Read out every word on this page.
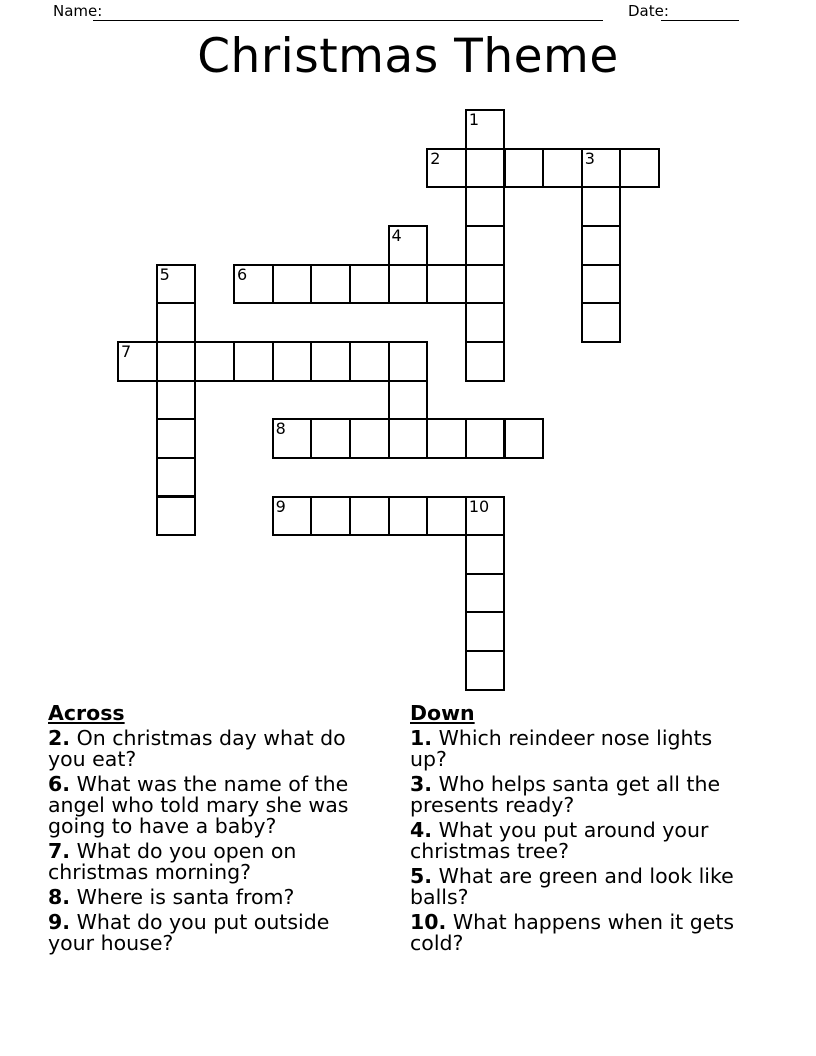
Name:	Date:
Christmas Theme
1
2	3
4
5	6
7
8
9	10

Across

2. On christmas day what do you eat?

6. What was the name of the angel who told mary she was going to have a baby?

7. What do you open on christmas morning?

8. Where is santa from?

9. What do you put outside your house?

Down

1. Which reindeer nose lights up?

3. Who helps santa get all the presents ready?

4. What you put around your christmas tree?

5. What are green and look like balls?

10. What happens when it gets cold?
